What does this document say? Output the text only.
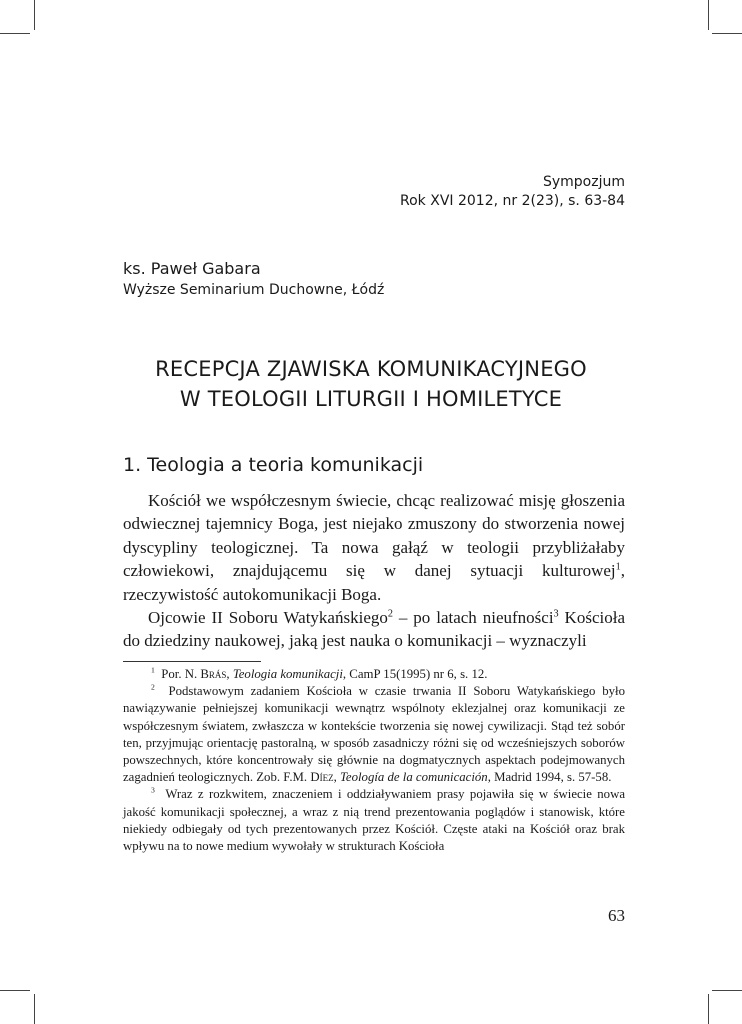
Sympozjum
Rok XVI 2012, nr 2(23), s. 63-84
ks. Paweł Gabara
Wyższe Seminarium Duchowne, Łódź
RECEPCJA ZJAWISKA KOMUNIKACYJNEGO
W TEOLOGII LITURGII I HOMILETYCE
1. Teologia a teoria komunikacji

Kościół we współczesnym świecie, chcąc realizować misję głoszenia odwiecznej tajemnicy Boga, jest niejako zmuszony do stworzenia nowej dyscypliny teologicznej. Ta nowa gałąź w teologii przybliżałaby człowiekowi, znajdującemu się w danej sytuacji kulturowej$^1$, rzeczywistość autokomunikacji Boga.

Ojcowie II Soboru Watykańskiego$^2$ – po latach nieufności$^3$ Kościoła do dziedziny naukowej, jaką jest nauka o komunikacji – wyznaczyli

$^1$ Por. N. Brás, Teologia komunikacji, CamP 15(1995) nr 6, s. 12.

$^2$ Podstawowym zadaniem Kościoła w czasie trwania II Soboru Watykańskiego było nawiązywanie pełniejszej komunikacji wewnątrz wspólnoty eklezjalnej oraz komunikacji ze współczesnym światem, zwłaszcza w kontekście tworzenia się nowej cywilizacji. Stąd też sobór ten, przyjmując orientację pastoralną, w sposób zasadniczy różni się od wcześniejszych soborów powszechnych, które koncentrowały się głównie na dogmatycznych aspektach podejmowanych zagadnień teologicznych. Zob. F.M. Díez, Teología de la comunicación, Madrid 1994, s. 57-58.

$^3$ Wraz z rozkwitem, znaczeniem i oddziaływaniem prasy pojawiła się w świecie nowa jakość komunikacji społecznej, a wraz z nią trend prezentowania poglądów i stanowisk, które niekiedy odbiegały od tych prezentowanych przez Kościół. Częste ataki na Kościół oraz brak wpływu na to nowe medium wywołały w strukturach Kościoła

63
